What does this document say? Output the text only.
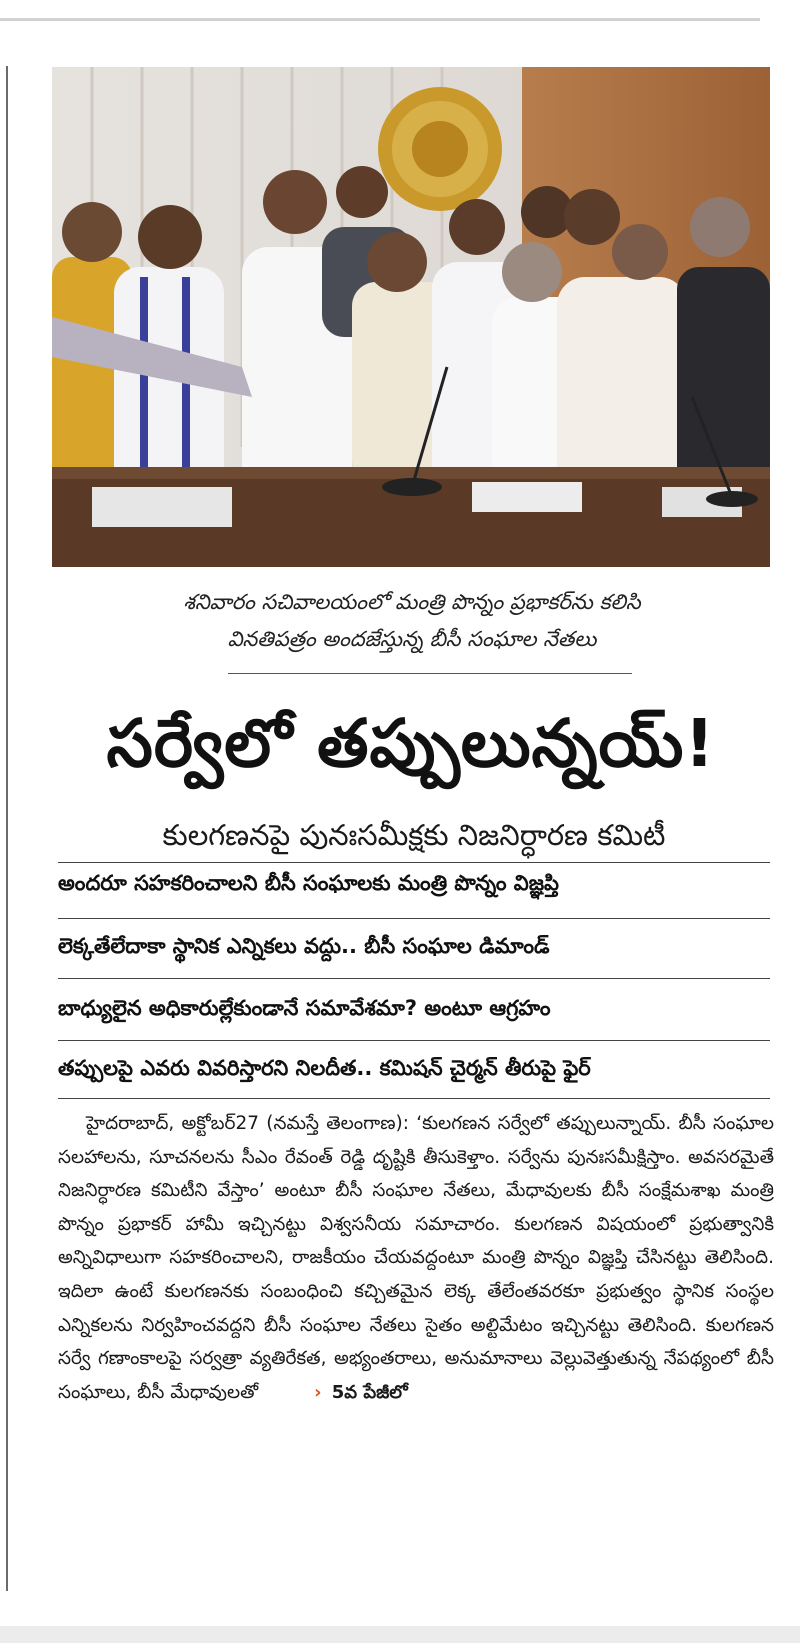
శనివారం సచివాలయంలో మంత్రి పొన్నం ప్రభాకర్‌ను కలిసి
వినతిపత్రం అందజేస్తున్న బీసీ సంఘాల నేతలు
సర్వేలో తప్పులున్నయ్!
కులగణనపై పునఃసమీక్షకు నిజనిర్ధారణ కమిటీ
అందరూ సహకరించాలని బీసీ సంఘాలకు మంత్రి పొన్నం విజ్ఞప్తి
లెక్కతేలేదాకా స్థానిక ఎన్నికలు వద్దు.. బీసీ సంఘాల డిమాండ్
బాధ్యులైన అధికారుల్లేకుండానే సమావేశమా? అంటూ ఆగ్రహం
తప్పులపై ఎవరు వివరిస్తారని నిలదీత.. కమిషన్ చైర్మన్ తీరుపై ఫైర్
హైదరాబాద్, అక్టోబర్27 (నమస్తే తెలంగాణ): ‘కులగణన సర్వేలో తప్పులున్నాయ్. బీసీ సంఘాల సలహాలను, సూచనలను సీఎం రేవంత్‌ రెడ్డి దృష్టికి తీసుకెళ్తాం. సర్వేను పునఃసమీక్షిస్తాం. అవసరమైతే నిజనిర్ధారణ కమిటీని వేస్తాం’ అంటూ బీసీ సంఘాల నేతలు, మేధావులకు బీసీ సంక్షేమశాఖ మంత్రి పొన్నం ప్రభాకర్‌ హామీ ఇచ్చినట్టు విశ్వసనీయ సమాచారం. కులగణన విషయంలో ప్రభుత్వానికి అన్నివిధాలుగా సహకరించాలని, రాజకీయం చేయవద్దంటూ మంత్రి పొన్నం విజ్ఞప్తి చేసినట్టు తెలిసింది. ఇదిలా ఉంటే కులగణనకు సంబంధించి కచ్చితమైన లెక్క తేలేంతవరకూ ప్రభుత్వం స్థానిక సంస్థల ఎన్నికలను నిర్వహించవద్దని బీసీ సంఘాల నేతలు సైతం అల్టిమేటం ఇచ్చినట్టు తెలిసింది. కులగణన సర్వే గణాంకాలపై సర్వత్రా వ్యతిరేకత, అభ్యంతరాలు, అనుమానాలు వెల్లువెత్తుతున్న నేపథ్యంలో బీసీ సంఘాలు, బీసీ మేధావులతో	› 5వ పేజీలో
